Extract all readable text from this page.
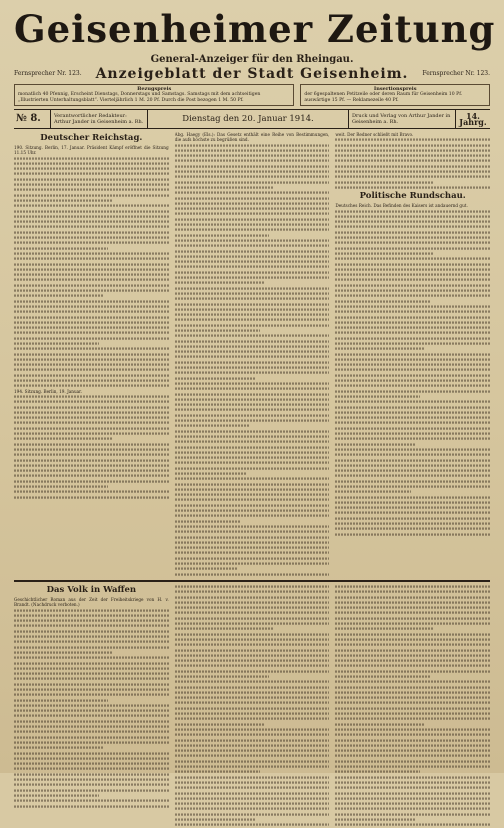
Geisenheimer Zeitung
General-Anzeiger für den Rheingau.
Fernsprecher Nr. 123. Anzeigeblatt der Stadt Geisenheim.	Fernsprecher Nr. 123.
Bezugspreis
monatlich 40 Pfennig, Erscheint Dienstags, Donnerstags und Samstags. Samstags mit dem achtseitigen „Illustrierten Unterhaltungsblatt“. Vierteljährlich 1 M. 20 Pf. Durch die Post bezogen 1 M. 50 Pf.
Insertionspreis
der 6gespaltenen Petitzeile oder deren Raum für Geisenheim 10 Pf. auswärtige 15 Pf. — Reklamezeile 40 Pf.
№ 8.	Verantwortlicher Redakteur: Arthur Jander in Geisenheim a. Rh.	Dienstag den 20. Januar 1914.	Druck und Verlag von Arthur Jander in Geisenheim a. Rh.
14. Jahrg.
Deutscher Reichstag.
190. Sitzung. Berlin, 17. Januar. Präsident Kämpf eröffnet die Sitzung 11.15 Uhr.
194. Sitzung. Berlin, 19. Januar.
Abg. Haegy (Els.): Das Gesetz enthält eine Reihe von Bestimmungen, die aufs höchste zu begrüßen sind.
weit. Der Redner schließt mit Bravo.
Politische Rundschau.
Deutsches Reich. Das Befinden des Kaisers ist andauernd gut.
Das Volk in Waffen
Geschichtlicher Roman aus der Zeit der Freiheitskriege von H. v. Brandt. (Nachdruck verboten.)
